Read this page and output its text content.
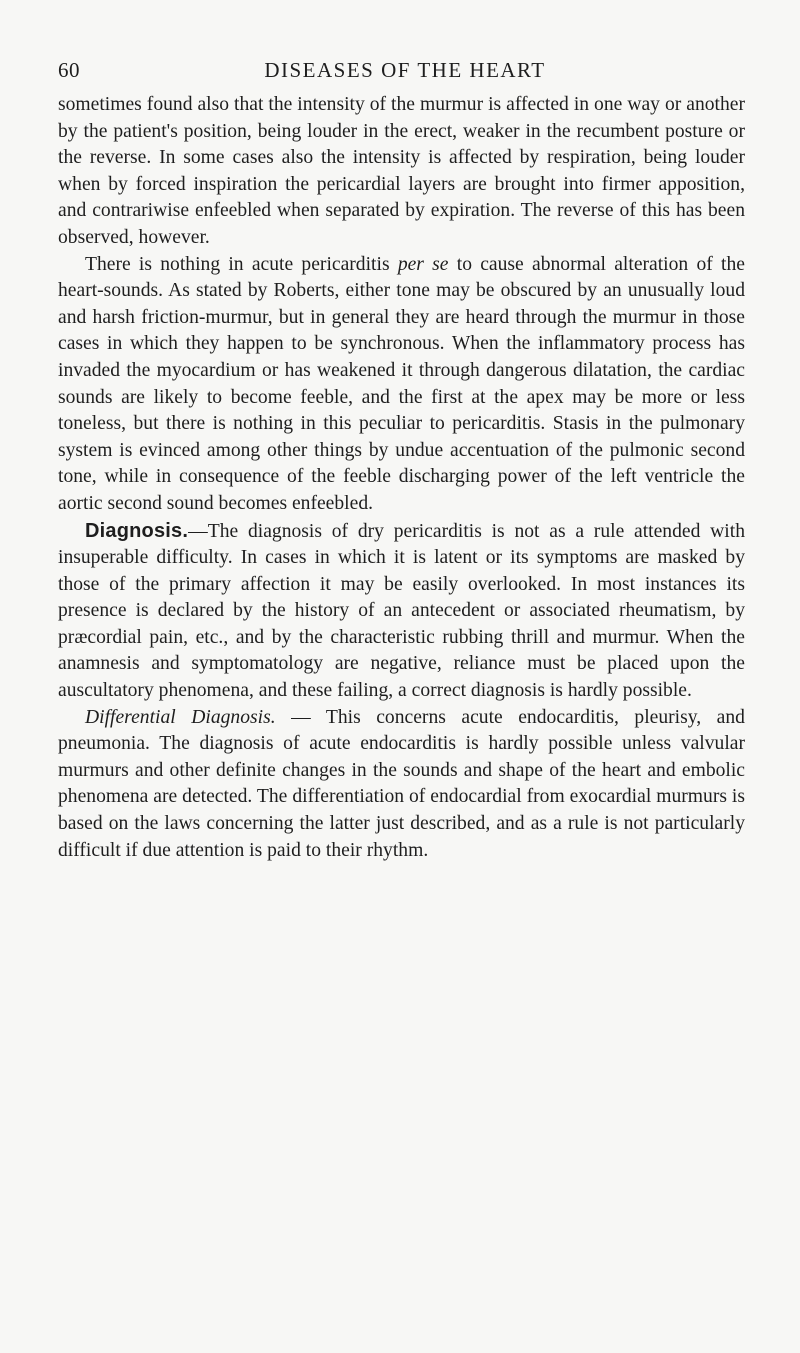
60	DISEASES OF THE HEART

sometimes found also that the intensity of the murmur is affected in one way or another by the patient's position, being louder in the erect, weaker in the recumbent posture or the reverse. In some cases also the intensity is affected by respiration, being louder when by forced inspiration the pericardial layers are brought into firmer apposition, and contrariwise enfeebled when separated by expiration. The reverse of this has been observed, however.

There is nothing in acute pericarditis per se to cause abnormal alteration of the heart-sounds. As stated by Roberts, either tone may be obscured by an unusually loud and harsh friction-murmur, but in general they are heard through the murmur in those cases in which they happen to be synchronous. When the inflammatory process has invaded the myocardium or has weakened it through dangerous dilatation, the cardiac sounds are likely to become feeble, and the first at the apex may be more or less toneless, but there is nothing in this peculiar to pericarditis. Stasis in the pulmonary system is evinced among other things by undue accentuation of the pulmonic second tone, while in consequence of the feeble discharging power of the left ventricle the aortic second sound becomes enfeebled.

Diagnosis.—The diagnosis of dry pericarditis is not as a rule attended with insuperable difficulty. In cases in which it is latent or its symptoms are masked by those of the primary affection it may be easily overlooked. In most instances its presence is declared by the history of an antecedent or associated rheumatism, by præcordial pain, etc., and by the characteristic rubbing thrill and murmur. When the anamnesis and symptomatology are negative, reliance must be placed upon the auscultatory phenomena, and these failing, a correct diagnosis is hardly possible.

Differential Diagnosis. — This concerns acute endocarditis, pleurisy, and pneumonia. The diagnosis of acute endocarditis is hardly possible unless valvular murmurs and other definite changes in the sounds and shape of the heart and embolic phenomena are detected. The differentiation of endocardial from exocardial murmurs is based on the laws concerning the latter just described, and as a rule is not particularly difficult if due attention is paid to their rhythm.
